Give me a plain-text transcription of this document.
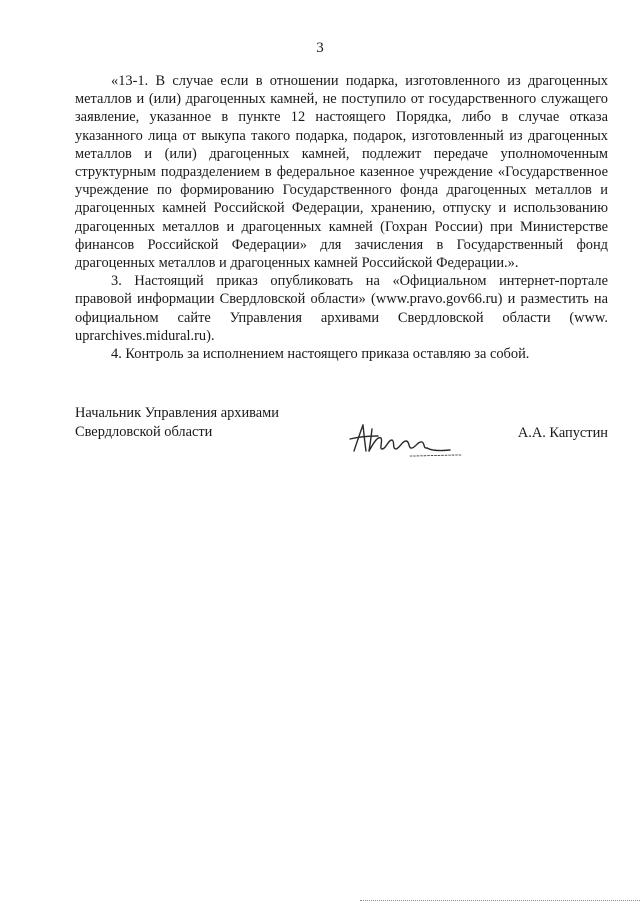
3

«13-1. В случае если в отношении подарка, изготовленного из драгоценных металлов и (или) драгоценных камней, не поступило от государственного служащего заявление, указанное в пункте 12 настоящего Порядка, либо в случае отказа указанного лица от выкупа такого подарка, подарок, изготовленный из драгоценных металлов и (или) драгоценных камней, подлежит передаче уполномоченным структурным подразделением в федеральное казенное учреждение «Государственное учреждение по формированию Государственного фонда драгоценных металлов и драгоценных камней Российской Федерации, хранению, отпуску и использованию драгоценных металлов и драгоценных камней (Гохран России) при Министерстве финансов Российской Федерации» для зачисления в Государственный фонд драгоценных металлов и драгоценных камней Российской Федерации.».

3. Настоящий приказ опубликовать на «Официальном интернет-портале правовой информации Свердловской области» (www.pravo.gov66.ru) и разместить на официальном сайте Управления архивами Свердловской области (www. uprarchives.midural.ru).

4. Контроль за исполнением настоящего приказа оставляю за собой.

Начальник Управления архивами
Свердловской области	А.А. Капустин
